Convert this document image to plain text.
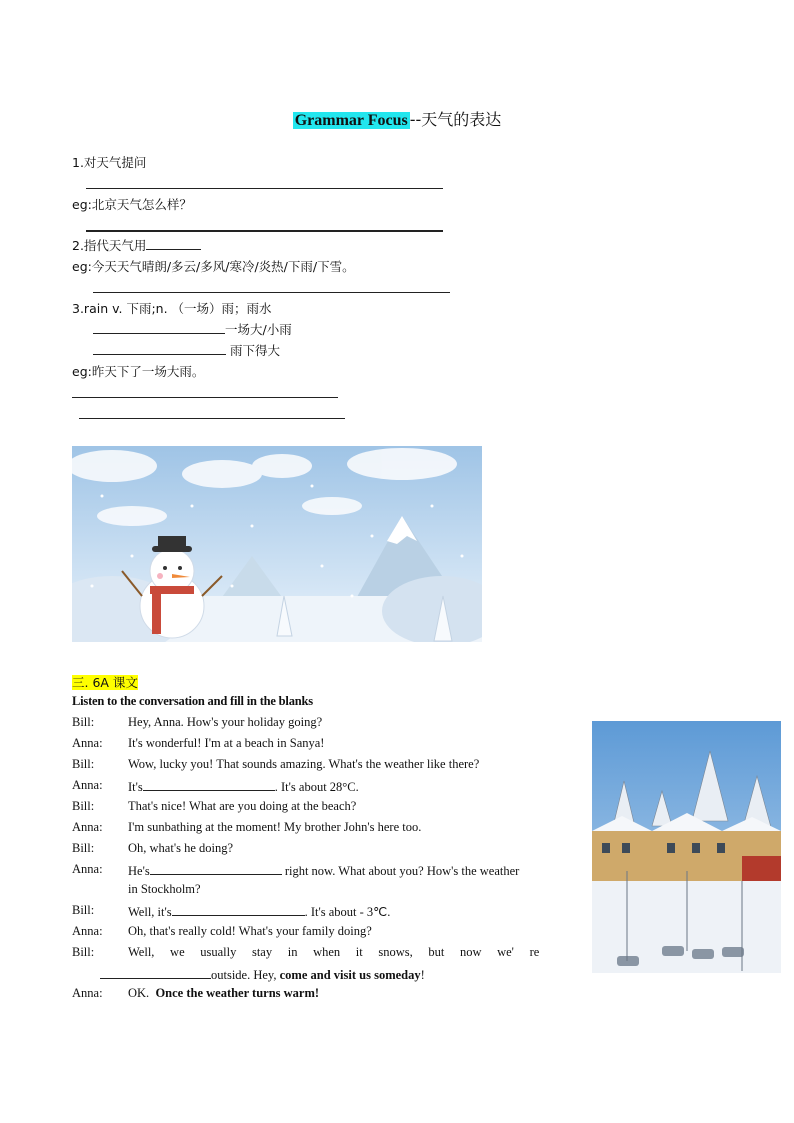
Grammar Focus --天气的表达
1.对天气提问
eg:北京天气怎么样？
2.指代天气用
eg:今天天气晴朗/多云/多风/寒冷/炎热/下雨/下雪。
3.rain v. 下雨;n. （一场）雨；雨水
一场大/小雨
雨下得大
eg:昨天下了一场大雨。
三. 6A 课文
Listen to the conversation and fill in the blanks
Bill:	Hey, Anna. How's your holiday going?
Anna: It's wonderful! I'm at a beach in Sanya!
Bill:	Wow, lucky you! That sounds amazing. What's the weather like there?
Anna: It's	. It's about 28°C.
Bill:	That's nice! What are you doing at the beach?
Anna: I'm sunbathing at the moment! My brother John's here too.
Bill:	Oh, what's he doing?
Anna: He's	right now. What about you? How's the weather
in Stockholm?
Bill:	Well, it's	. It's about - 3℃.
Anna: Oh, that's really cold! What's your family doing?
Bill:	Well,     we     usually     stay     in     when     it     snows,     but     now     we'     re
outside. Hey, come and visit us someday!
Anna: OK.  Once the weather turns warm!
